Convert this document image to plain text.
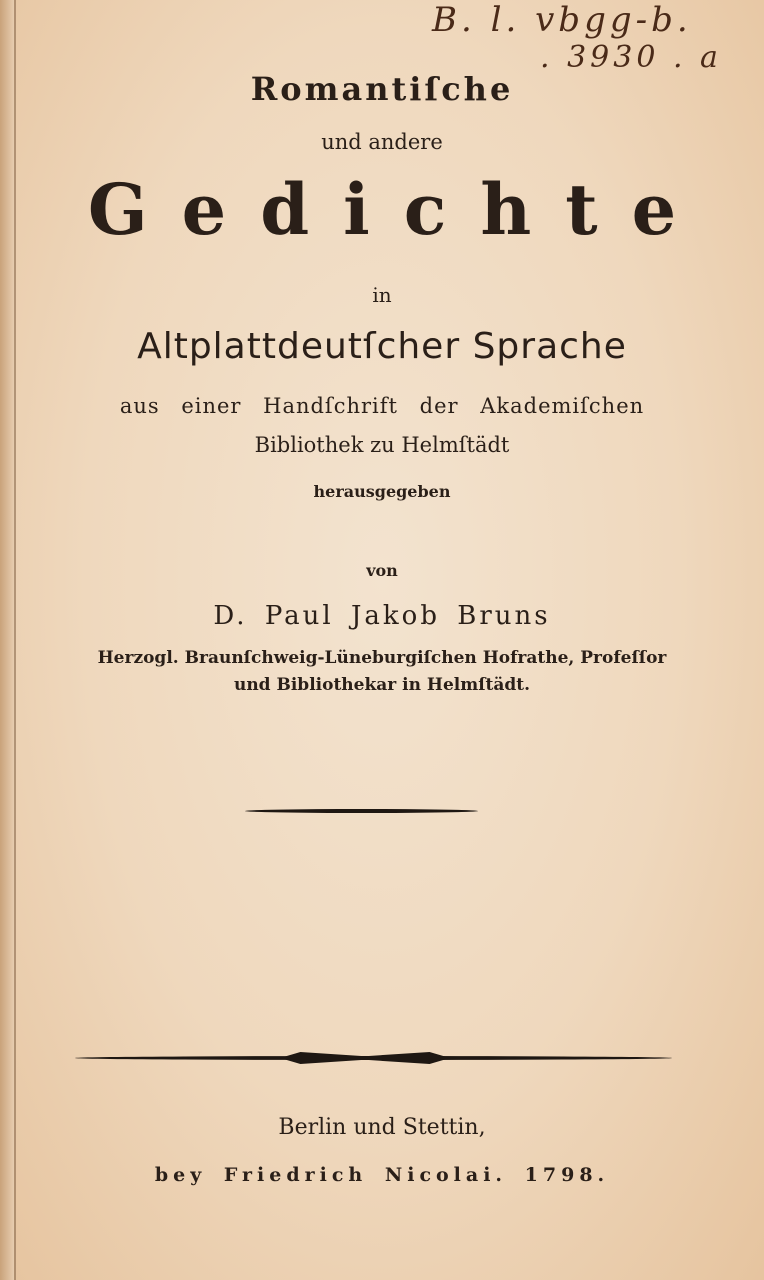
B. l. vbgg-b.
. 3930 . a
Romantiſche
und andere
Gedichte
in
Altplattdeutſcher Sprache
aus einer Handſchrift der Akademiſchen
Bibliothek zu Helmſtädt
herausgegeben
von
D. Paul Jakob Bruns
Herzogl. Braunſchweig-Lüneburgiſchen Hofrathe, Profeſſor
und Bibliothekar in Helmſtädt.
Berlin und Stettin,
bey Friedrich Nicolai. 1798.
